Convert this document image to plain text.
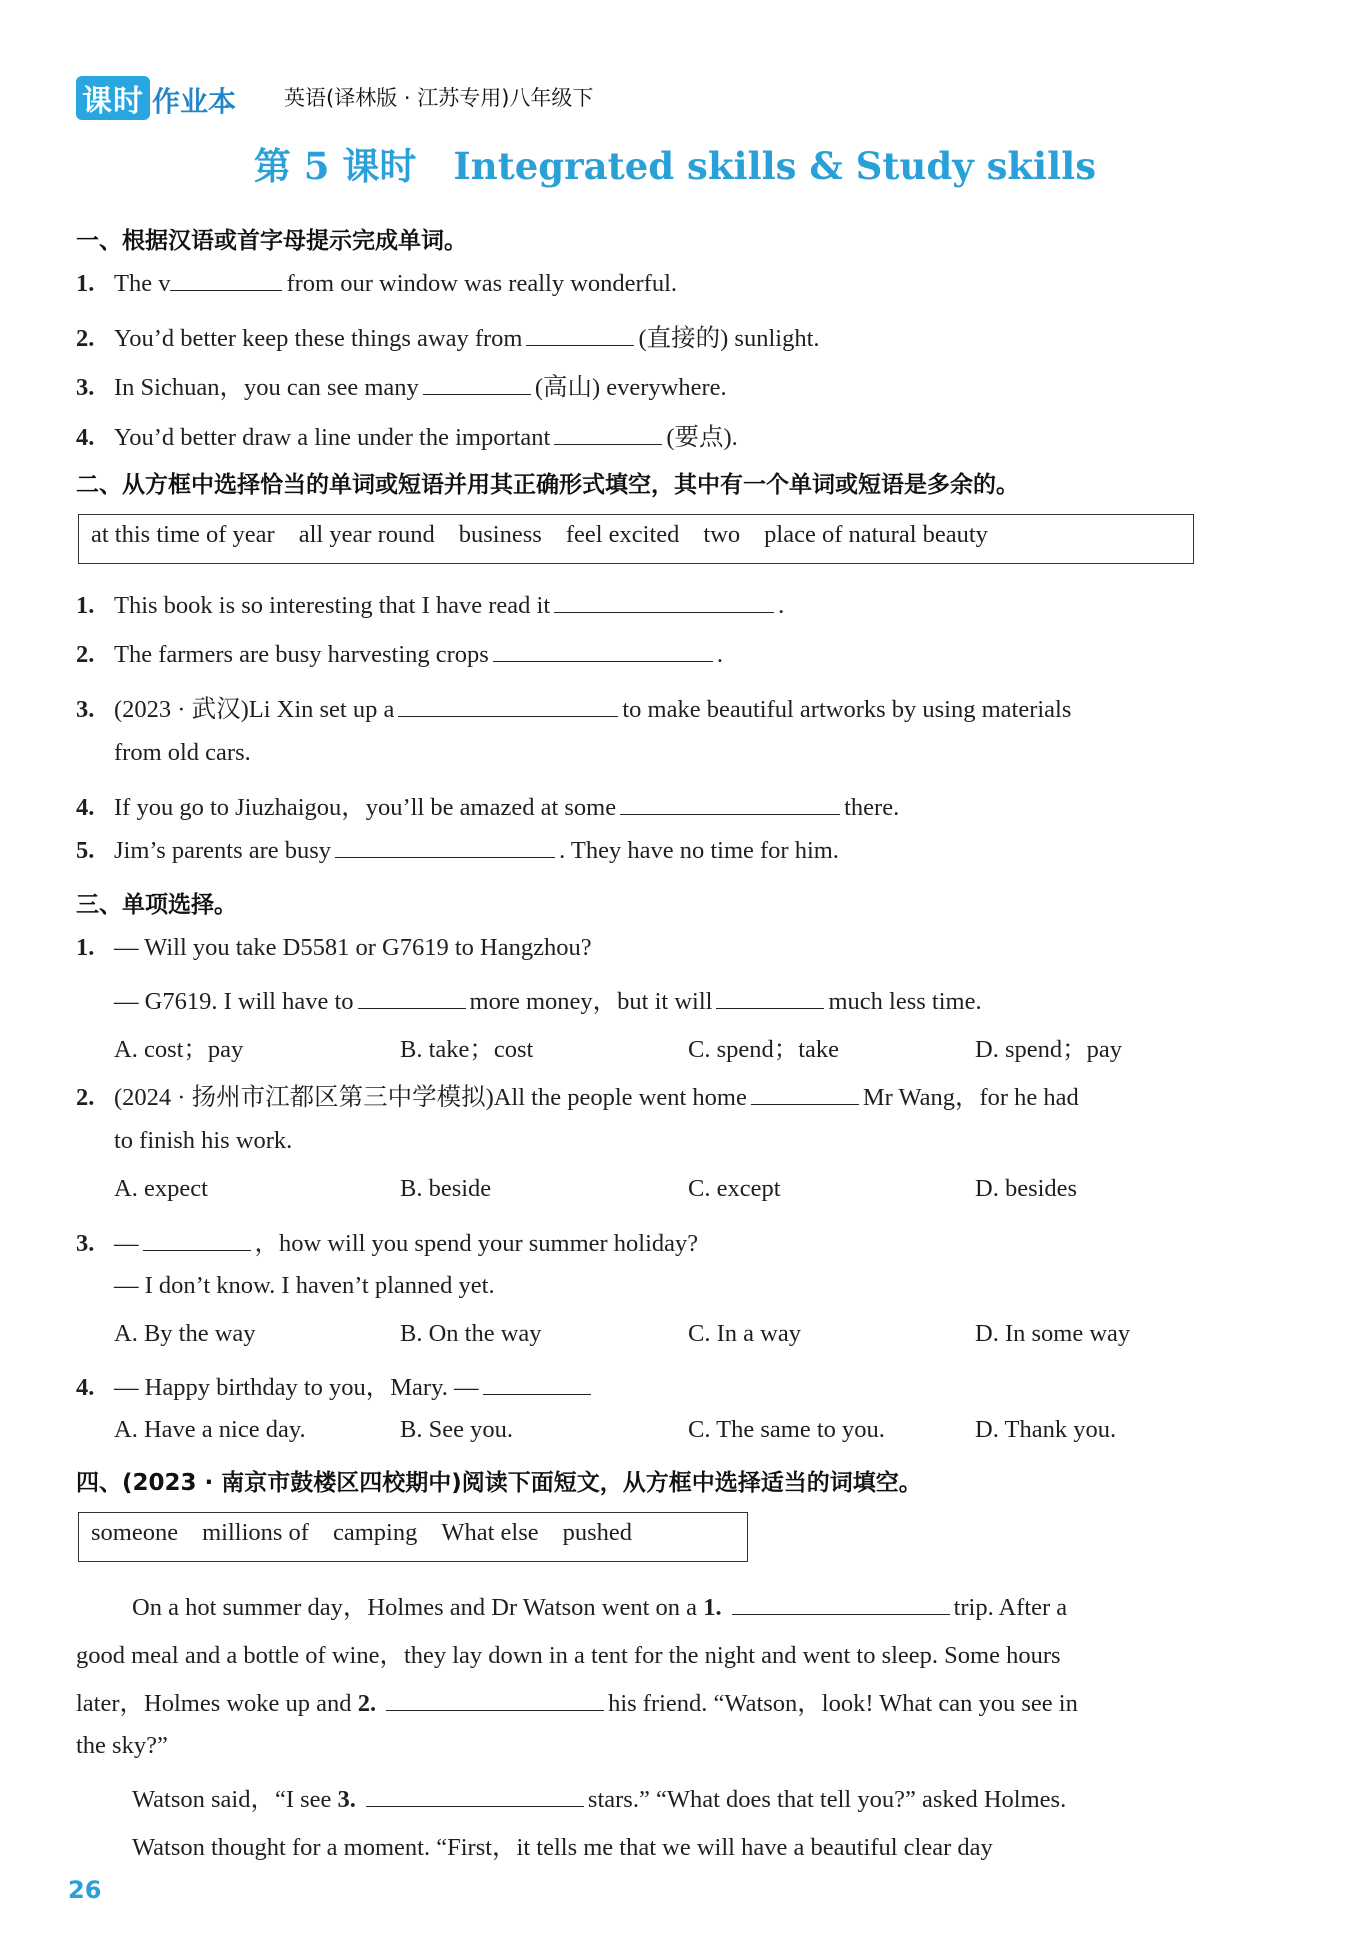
课时 作业本 英语(译林版 · 江苏专用)八年级下
第 5 课时　Integrated skills & Study skills
一、根据汉语或首字母提示完成单词。
1. The v	from our window was really wonderful.
2. You’d better keep these things away from	(直接的) sunlight.
3. In Sichuan，you can see many	(高山) everywhere.
4. You’d better draw a line under the important	(要点).
二、从方框中选择恰当的单词或短语并用其正确形式填空，其中有一个单词或短语是多余的。
at this time of year all year round business feel excited two place of natural beauty
1. This book is so interesting that I have read it	.
2. The farmers are busy harvesting crops	.
3. (2023 · 武汉)Li Xin set up a	to make beautiful artworks by using materials
from old cars.
4. If you go to Jiuzhaigou，you’ll be amazed at some	there.
5. Jim’s parents are busy	. They have no time for him.
三、单项选择。
1. — Will you take D5581 or G7619 to Hangzhou?
— G7619. I will have to	more money，but it will	much less time.
A. cost；pay	B. take；cost	C. spend；take	D. spend；pay
2. (2024 · 扬州市江都区第三中学模拟)All the people went home	Mr Wang，for he had
to finish his work.
A. expect	B. beside	C. except	D. besides
3. —	，how will you spend your summer holiday?
— I don’t know. I haven’t planned yet.
A. By the way	B. On the way	C. In a way	D. In some way
4. — Happy birthday to you，Mary. —
A. Have a nice day.	B. See you.	C. The same to you.	D. Thank you.
四、(2023 · 南京市鼓楼区四校期中)阅读下面短文，从方框中选择适当的词填空。
someone millions of camping What else pushed
On a hot summer day，Holmes and Dr Watson went on a 1.	trip. After a
good meal and a bottle of wine，they lay down in a tent for the night and went to sleep. Some hours
later，Holmes woke up and 2.	his friend. “Watson，look! What can you see in
the sky?”
Watson said，“I see 3.	stars.” “What does that tell you?” asked Holmes.
Watson thought for a moment. “First，it tells me that we will have a beautiful clear day
26
